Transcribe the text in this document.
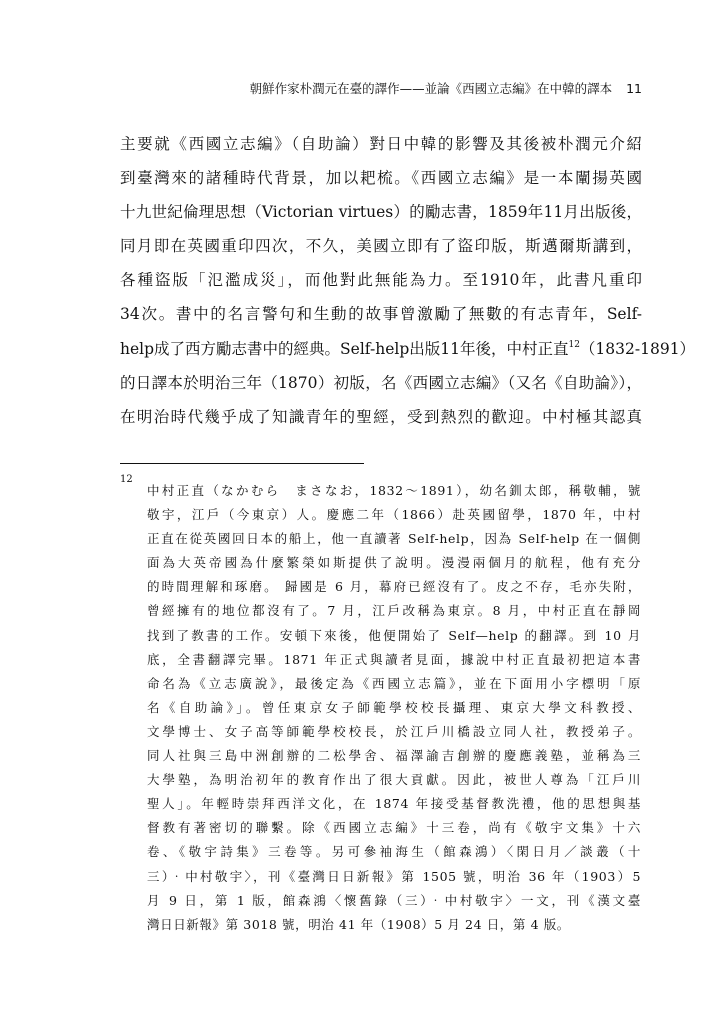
朝鮮作家朴潤元在臺的譯作——並論《西國立志編》在中韓的譯本 11
主要就《西國立志編》（自助論）對日中韓的影響及其後被朴潤元介紹
到臺灣來的諸種時代背景，加以耙梳。《西國立志編》是一本闡揚英國
十九世紀倫理思想（Victorian virtues）的勵志書，1859年11月出版後，
同月即在英國重印四次，不久，美國立即有了盜印版，斯邁爾斯講到，
各種盜版「氾濫成災」，而他對此無能為力。至1910年，此書凡重印
34次。書中的名言警句和生動的故事曾激勵了無數的有志青年，Self-
help成了西方勵志書中的經典。Self-help出版11年後，中村正直$^{12}$（1832-1891）
的日譯本於明治三年（1870）初版，名《西國立志編》（又名《自助論》），
在明治時代幾乎成了知識青年的聖經，受到熱烈的歡迎。中村極其認真
12
中村正直（なかむら　まさなお，1832～1891），幼名釧太郎，稱敬輔，號
敬宇，江戶（今東京）人。慶應二年（1866）赴英國留學，1870 年，中村
正直在從英國回日本的船上，他一直讀著 Self-help，因為 Self-help 在一個側
面為大英帝國為什麼繁榮如斯提供了說明。漫漫兩個月的航程，他有充分
的時間理解和琢磨。 歸國是 6 月，幕府已經沒有了。皮之不存，毛亦失附，
曾經擁有的地位都沒有了。7 月，江戶改稱為東京。8 月，中村正直在靜岡
找到了教書的工作。安頓下來後，他便開始了 Self—help 的翻譯。到 10 月
底，全書翻譯完畢。1871 年正式與讀者見面，據說中村正直最初把這本書
命名為《立志廣說》，最後定為《西國立志篇》，並在下面用小字標明「原
名《自助論》」。曾任東京女子師範學校校長攝理、東京大學文科教授、
文學博士、女子高等師範學校校長，於江戶川橋設立同人社，教授弟子。
同人社與三島中洲創辦的二松學舍、福澤諭吉創辦的慶應義塾，並稱為三
大學塾，為明治初年的教育作出了很大貢獻。因此，被世人尊為「江戶川
聖人」。年輕時崇拜西洋文化，在 1874 年接受基督教洗禮，他的思想與基
督教有著密切的聯繫。除《西國立志編》十三卷，尚有《敬宇文集》十六
卷、《敬宇詩集》三卷等。另可參袖海生（館森鴻）〈閑日月／談叢（十
三）‧中村敬宇〉，刊《臺灣日日新報》第 1505 號，明治 36 年（1903）5
月 9 日，第 1 版，館森鴻〈懷舊錄（三）‧中村敬宇〉一文，刊《漢文臺
灣日日新報》第 3018 號，明治 41 年（1908）5 月 24 日，第 4 版。
